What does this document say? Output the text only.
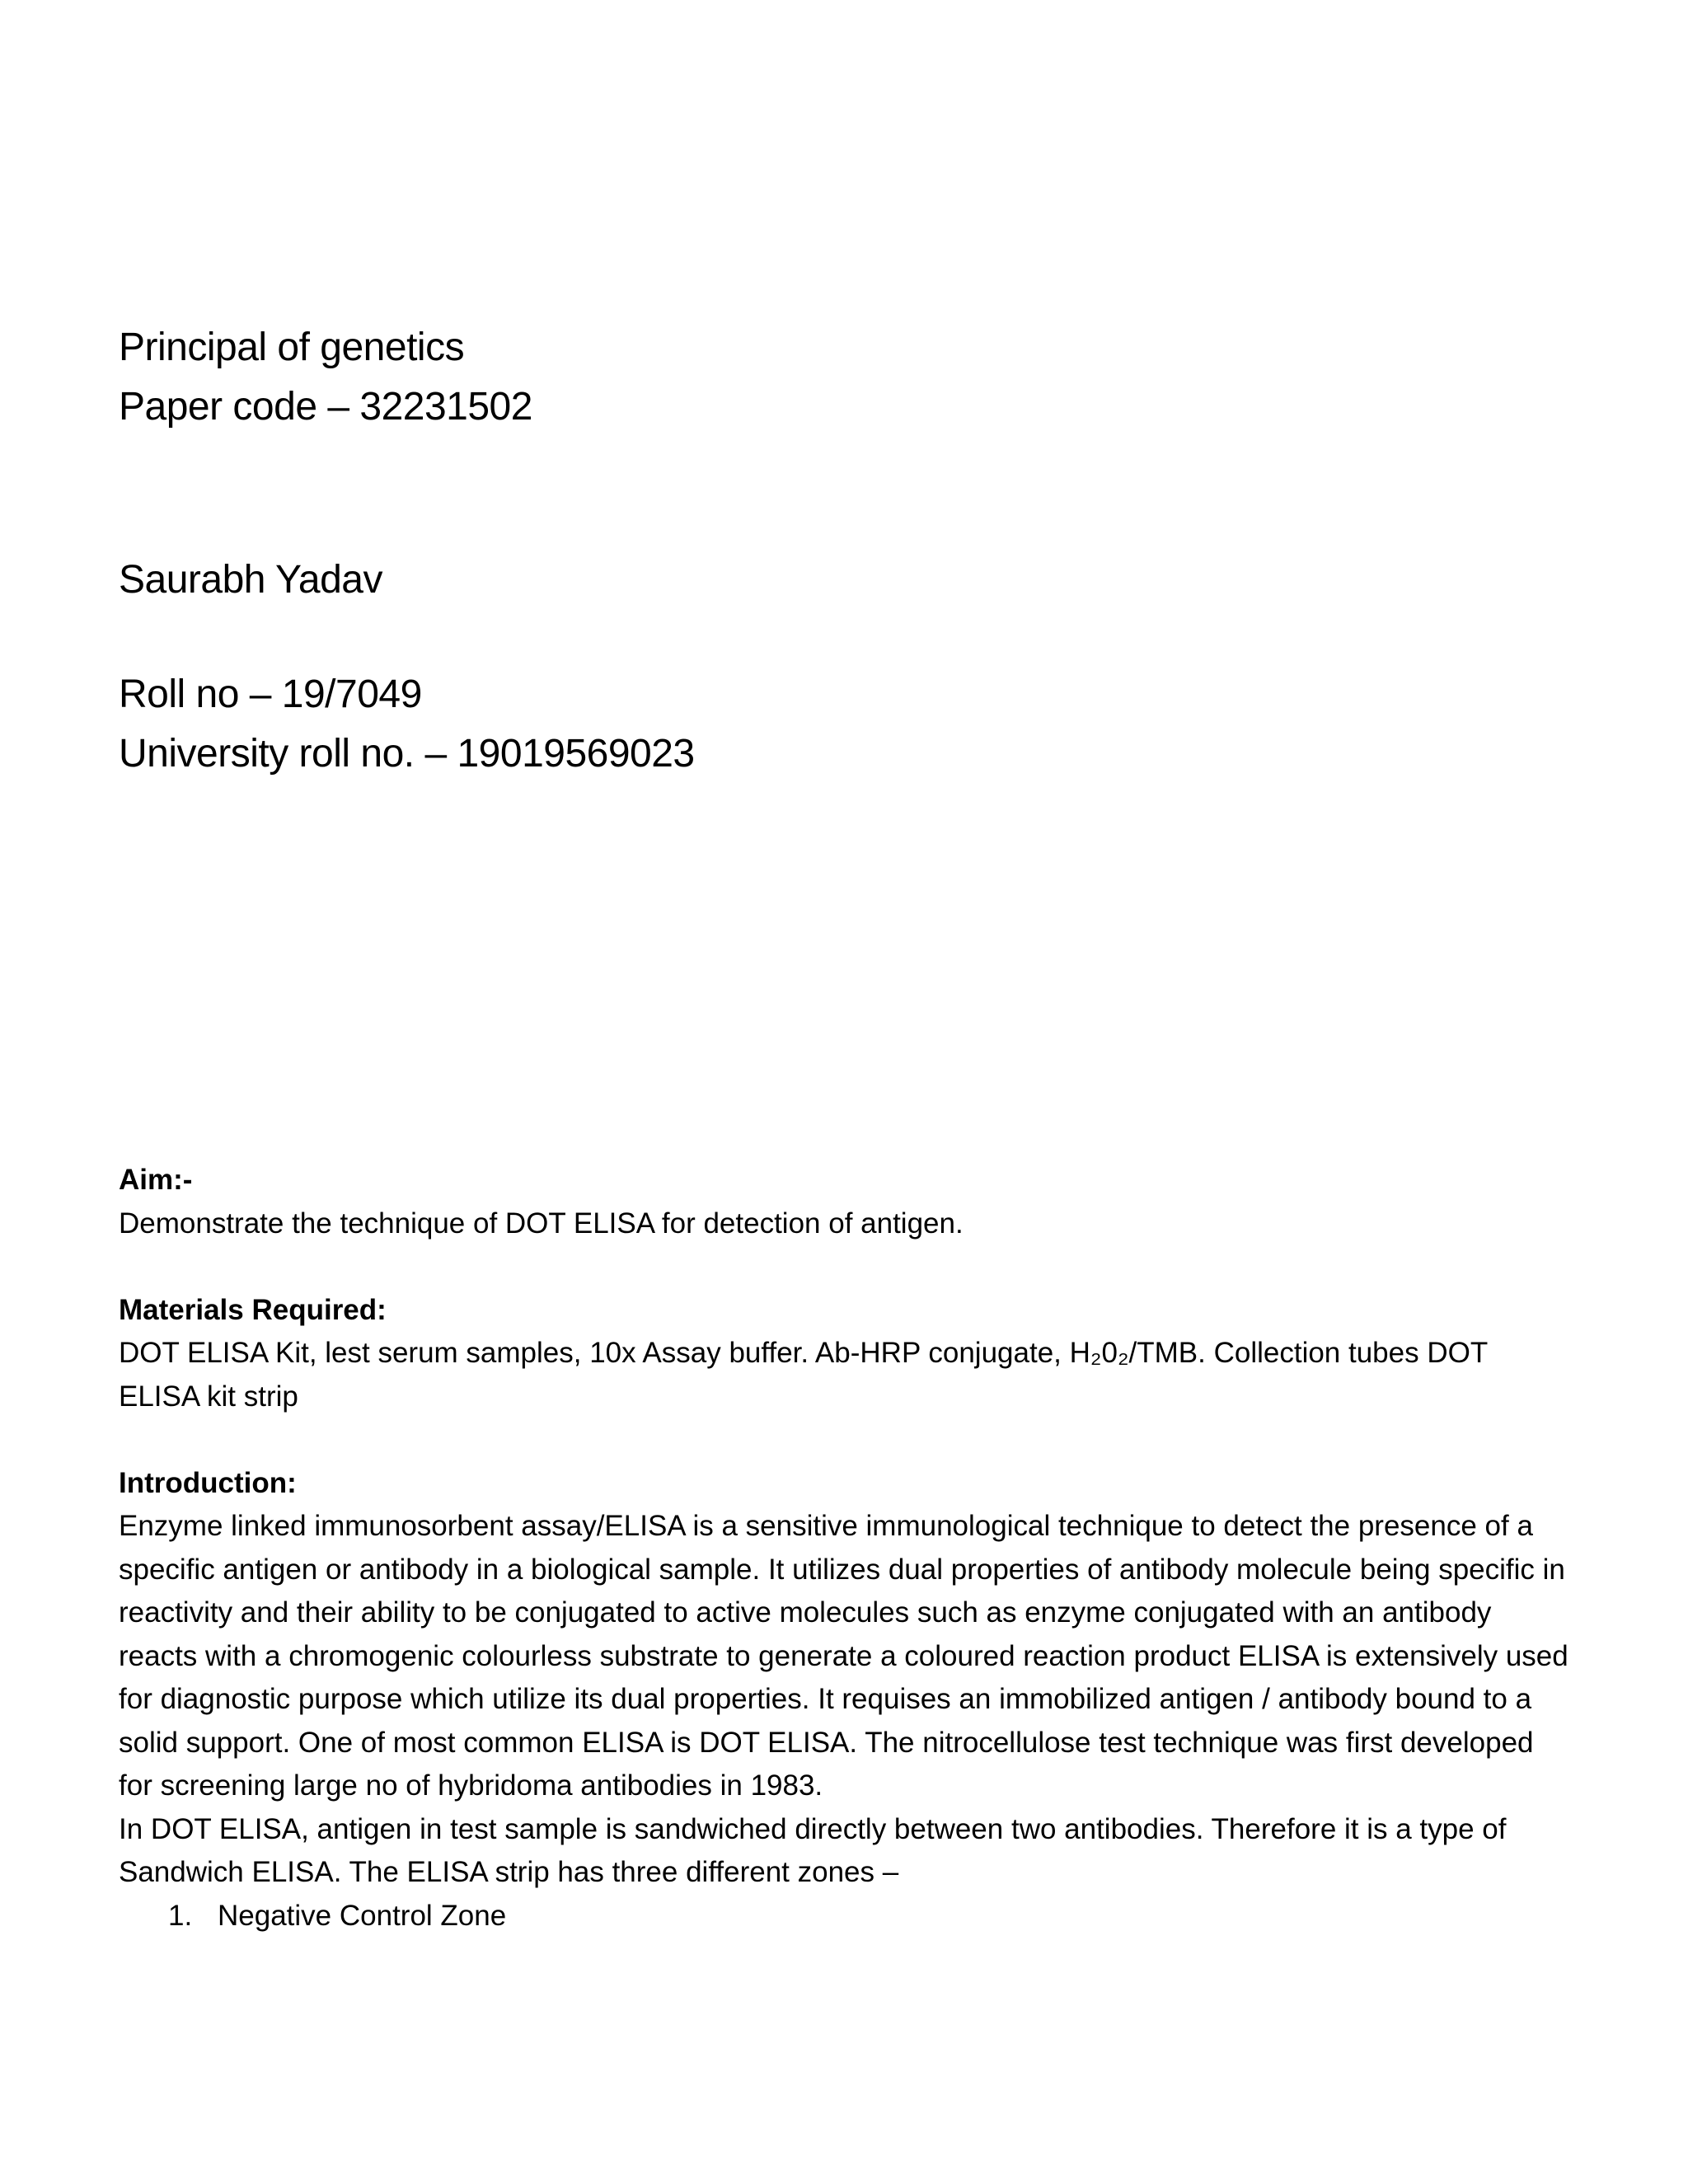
Principal of genetics
Paper code – 32231502
Saurabh Yadav
Roll no – 19/7049
University roll no. – 19019569023
Aim:-
Demonstrate the technique of DOT ELISA for detection of antigen.
Materials Required:
DOT ELISA Kit, lest serum samples, 10x Assay buffer. Ab-HRP conjugate, H₂0₂/TMB. Collection tubes DOT ELISA kit strip
Introduction:
Enzyme linked immunosorbent assay/ELISA is a sensitive immunological technique to detect the presence of a specific antigen or antibody in a biological sample. It utilizes dual properties of antibody molecule being specific in reactivity and their ability to be conjugated to active molecules such as enzyme conjugated with an antibody reacts with a chromogenic colourless substrate to generate a coloured reaction product ELISA is extensively used for diagnostic purpose which utilize its dual properties. It requises an immobilized antigen / antibody bound to a solid support. One of most common ELISA is DOT ELISA. The nitrocellulose test technique was first developed for screening large no of hybridoma antibodies in 1983.
In DOT ELISA, antigen in test sample is sandwiched directly between two antibodies. Therefore it is a type of Sandwich ELISA. The ELISA strip has three different zones –
1. Negative Control Zone
